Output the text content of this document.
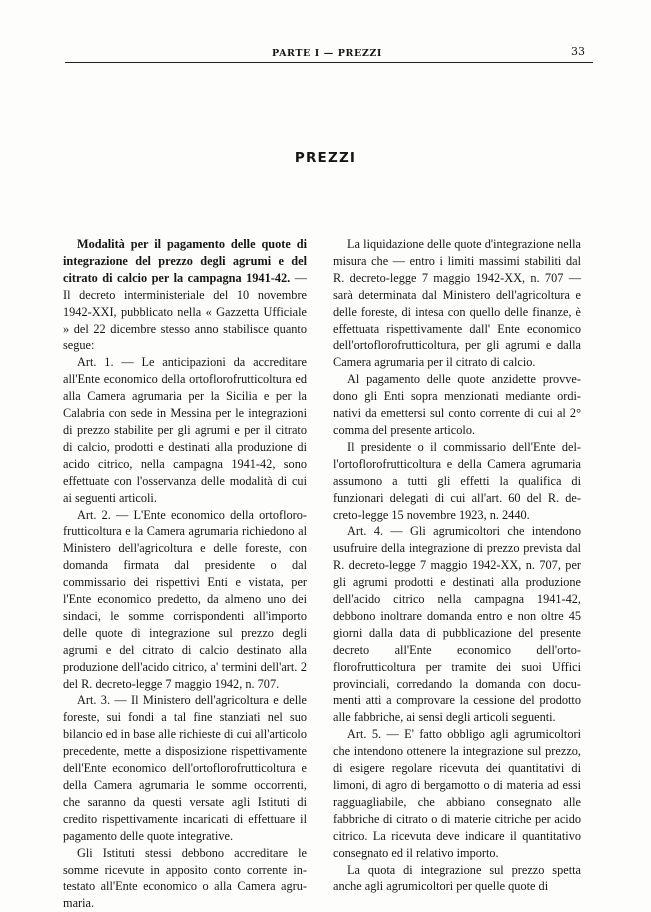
PARTE I — PREZZI	33
PREZZI

Modalità per il pagamento delle quote di integrazione del prezzo degli agrumi e del citrato di calcio per la campagna 1941-42. — Il decreto interministeriale del 10 novembre 1942-XXI, pubblicato nella « Gazzetta Ufficiale » del 22 dicembre stesso anno stabilisce quanto segue:

Art. 1. — Le anticipazioni da accreditare all'Ente economico della ortoflorofrutticoltura ed alla Camera agrumaria per la Sicilia e per la Calabria con sede in Messina per le integrazioni di prezzo stabilite per gli agrumi e per il citrato di calcio, prodotti e destinati alla produzione di acido citrico, nella campagna 1941-42, sono effettuate con l'osservanza delle modalità di cui ai seguenti articoli.

Art. 2. — L'Ente economico della ortoflorofrutticoltura e la Camera agrumaria richiedono al Ministero dell'agricoltura e delle foreste, con domanda firmata dal presidente o dal commissario dei rispettivi Enti e vistata, per l'Ente economico predetto, da almeno uno dei sindaci, le somme corrispondenti all'importo delle quote di integrazione sul prezzo degli agrumi e del citrato di calcio destinato alla produzione dell'acido citrico, a' termini dell'art. 2 del R. decreto-legge 7 maggio 1942, n. 707.

Art. 3. — Il Ministero dell'agricoltura e delle foreste, sui fondi a tal fine stanziati nel suo bilancio ed in base alle richieste di cui all'articolo precedente, mette a disposizione rispettivamente dell'Ente economico dell'ortoflorofrutticoltura e della Camera agrumaria le somme occorrenti, che saranno da questi versate agli Istituti di credito rispettivamente incaricati di effettuare il pagamento delle quote integrative.

Gli Istituti stessi debbono accreditare le somme ricevute in apposito conto corrente intestato all'Ente economico o alla Camera agrumaria.

La liquidazione delle quote d'integrazione nella misura che — entro i limiti massimi stabiliti dal R. decreto-legge 7 maggio 1942-XX, n. 707 — sarà determinata dal Ministero dell'agricoltura e delle foreste, di intesa con quello delle finanze, è effettuata rispettivamente dall' Ente economico dell'ortoflorofrutticoltura, per gli agrumi e dalla Camera agrumaria per il citrato di calcio.

Al pagamento delle quote anzidette provvedono gli Enti sopra menzionati mediante ordinativi da emettersi sul conto corrente di cui al 2° comma del presente articolo.

Il presidente o il commissario dell'Ente dell'ortoflorofrutticoltura e della Camera agrumaria assumono a tutti gli effetti la qualifica di funzionari delegati di cui all'art. 60 del R. decreto-legge 15 novembre 1923, n. 2440.

Art. 4. — Gli agrumicoltori che intendono usufruire della integrazione di prezzo prevista dal R. decreto-legge 7 maggio 1942-XX, n. 707, per gli agrumi prodotti e destinati alla produzione dell'acido citrico nella campagna 1941-42, debbono inoltrare domanda entro e non oltre 45 giorni dalla data di pubblicazione del presente decreto all'Ente economico dell'ortoflorofrutticoltura per tramite dei suoi Uffici provinciali, corredando la domanda con documenti atti a comprovare la cessione del prodotto alle fabbriche, ai sensi degli articoli seguenti.

Art. 5. — E' fatto obbligo agli agrumicoltori che intendono ottenere la integrazione sul prezzo, di esigere regolare ricevuta dei quantitativi di limoni, di agro di bergamotto o di materia ad essi ragguagliabile, che abbiano consegnato alle fabbriche di citrato o di materie citriche per acido citrico. La ricevuta deve indicare il quantitativo consegnato ed il relativo importo.

La quota di integrazione sul prezzo spetta anche agli agrumicoltori per quelle quote di
